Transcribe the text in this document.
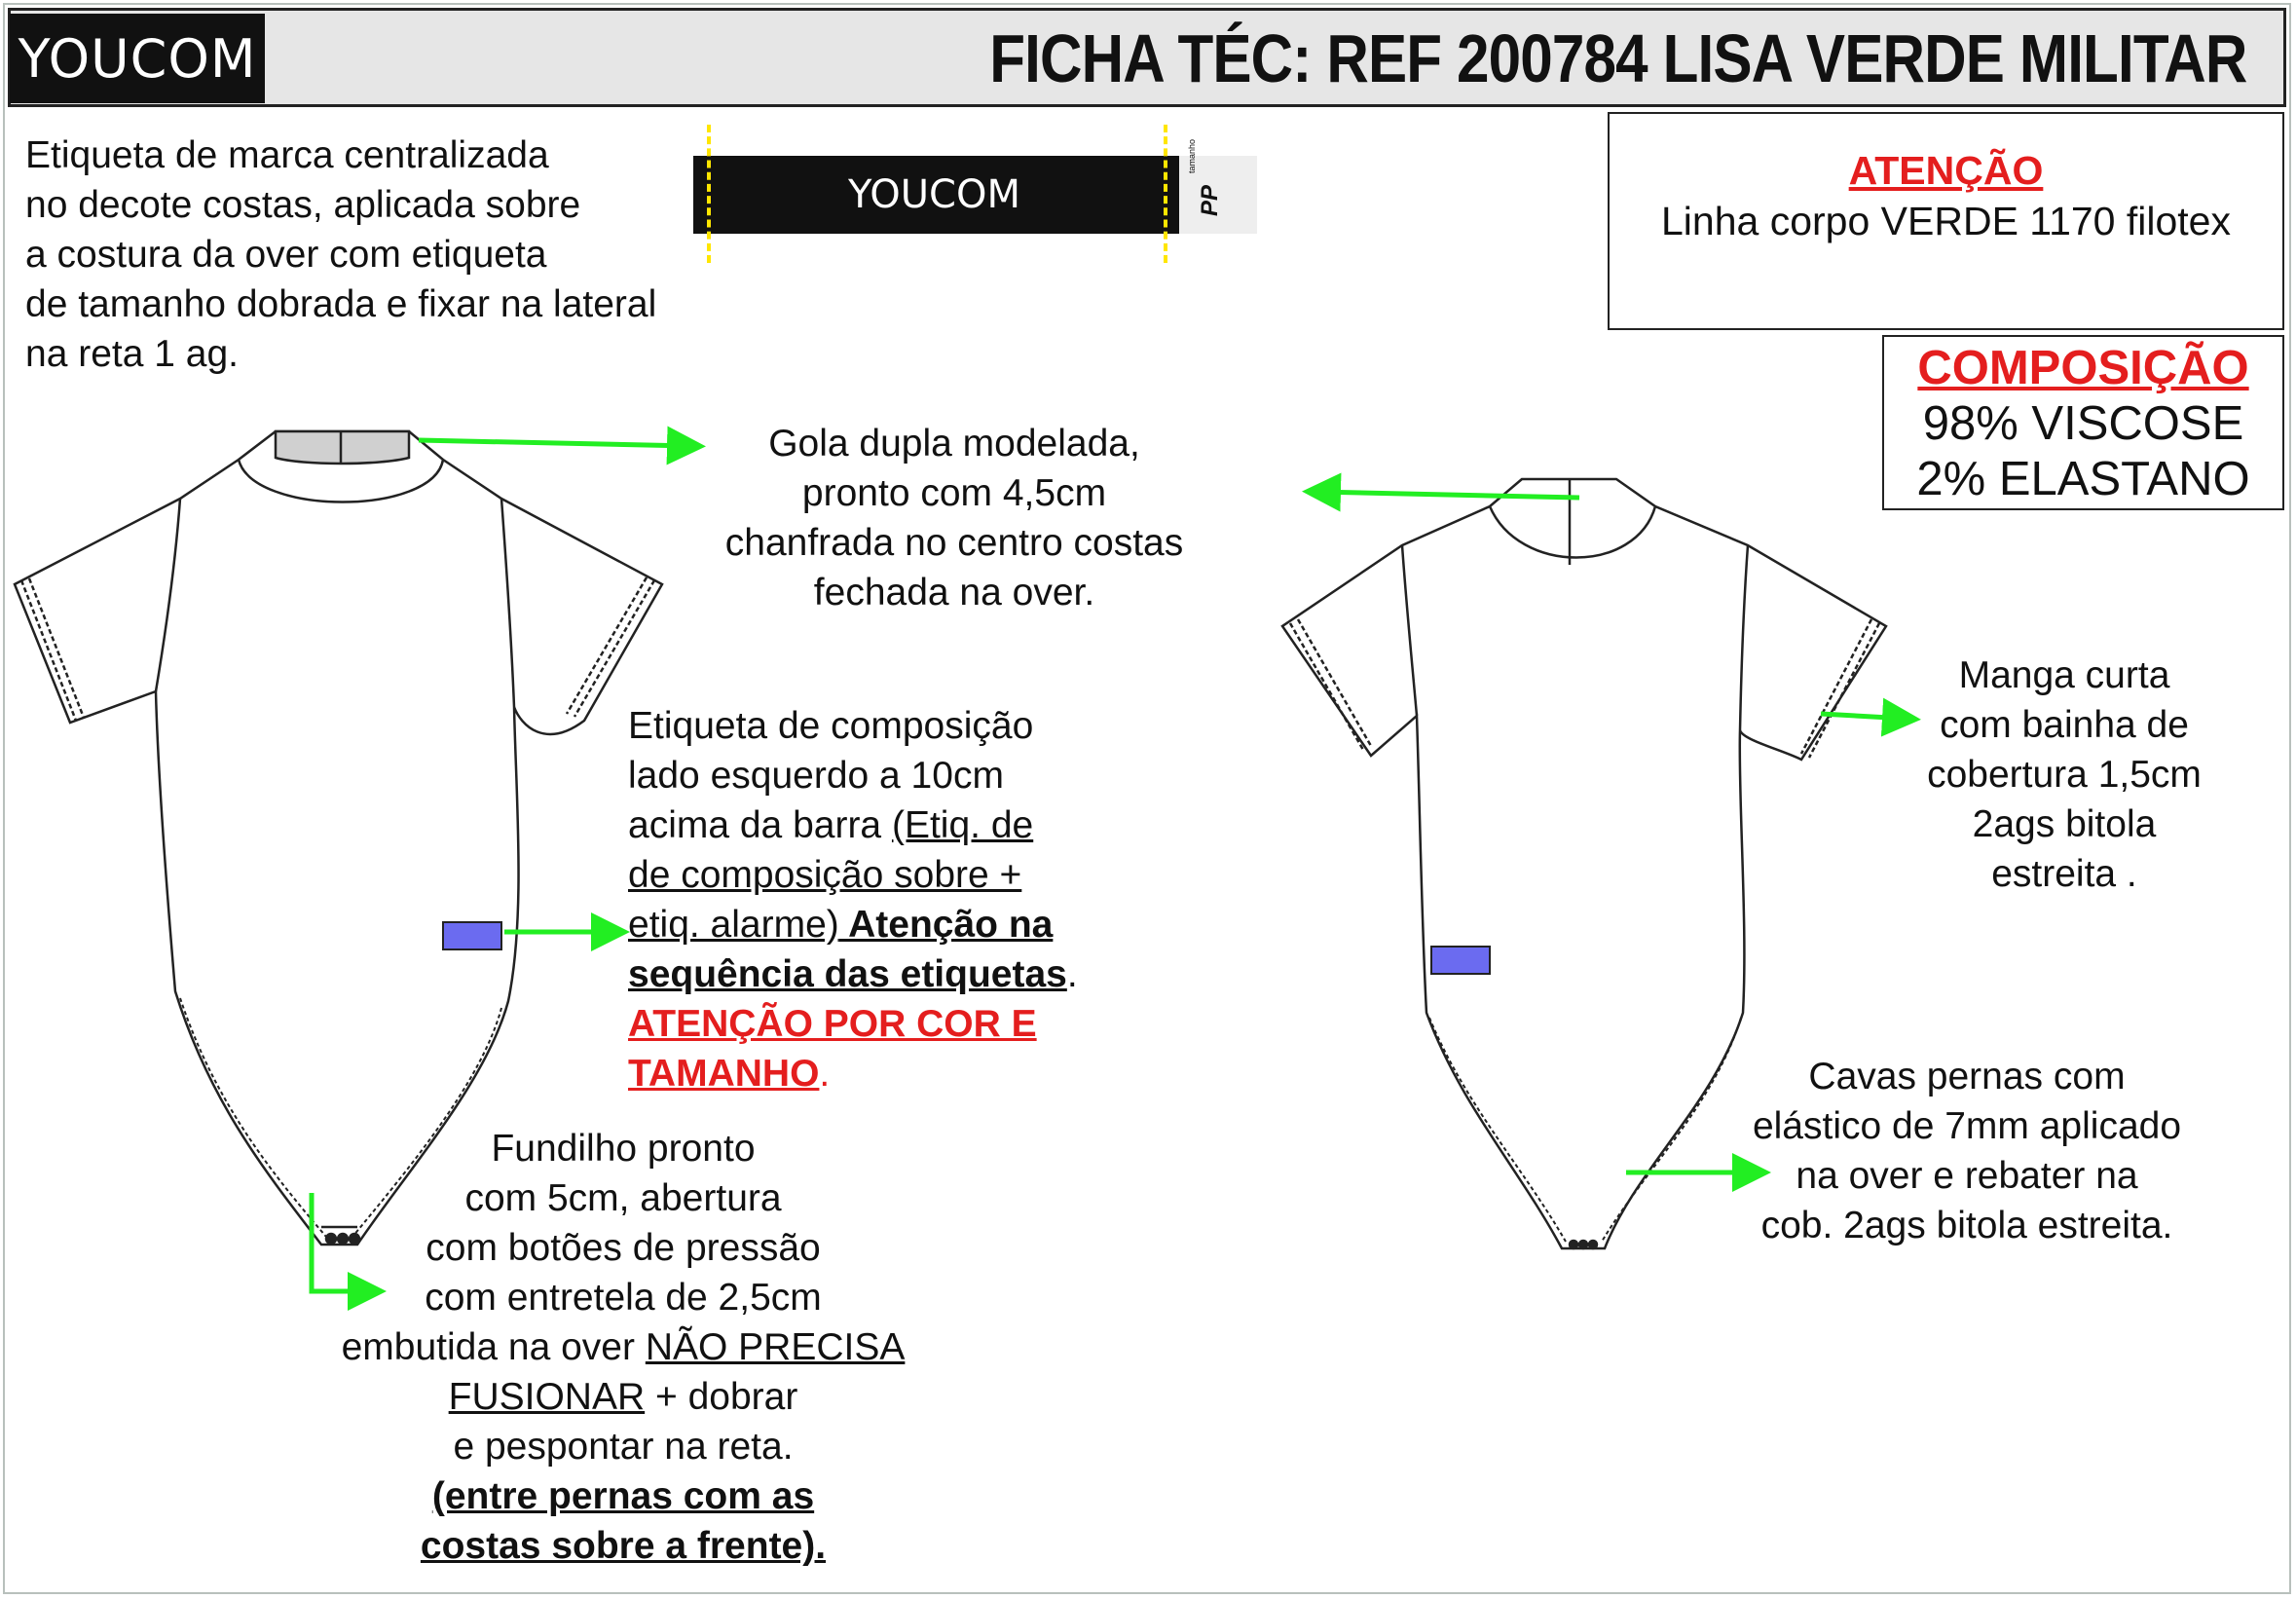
YOUCOM	FICHA TÉC: REF 200784 LISA VERDE MILITAR
Etiqueta de marca centralizada
no decote costas, aplicada sobre
a costura da over com etiqueta
de tamanho dobrada e fixar na lateral
na reta 1 ag.
YOUCOM
tamanho
PP
ATENÇÃO
Linha corpo VERDE 1170 filotex
COMPOSIÇÃO
98% VISCOSE
2% ELASTANO
Gola dupla modelada,
pronto com 4,5cm
chanfrada no centro costas
fechada na over.
Etiqueta de composição
lado esquerdo a 10cm
acima da barra (Etiq. de
de composição sobre +
etiq. alarme) Atenção na
sequência das etiquetas.
ATENÇÃO POR COR E
TAMANHO.
Manga curta
com bainha de
cobertura 1,5cm
2ags bitola
estreita .
Fundilho pronto
com 5cm, abertura
com botões de pressão
com entretela de 2,5cm
embutida na over NÃO PRECISA
FUSIONAR + dobrar
e pespontar na reta.
(entre pernas com as
costas sobre a frente).
Cavas pernas com
elástico de 7mm aplicado
na over e rebater na
cob. 2ags bitola estreita.
